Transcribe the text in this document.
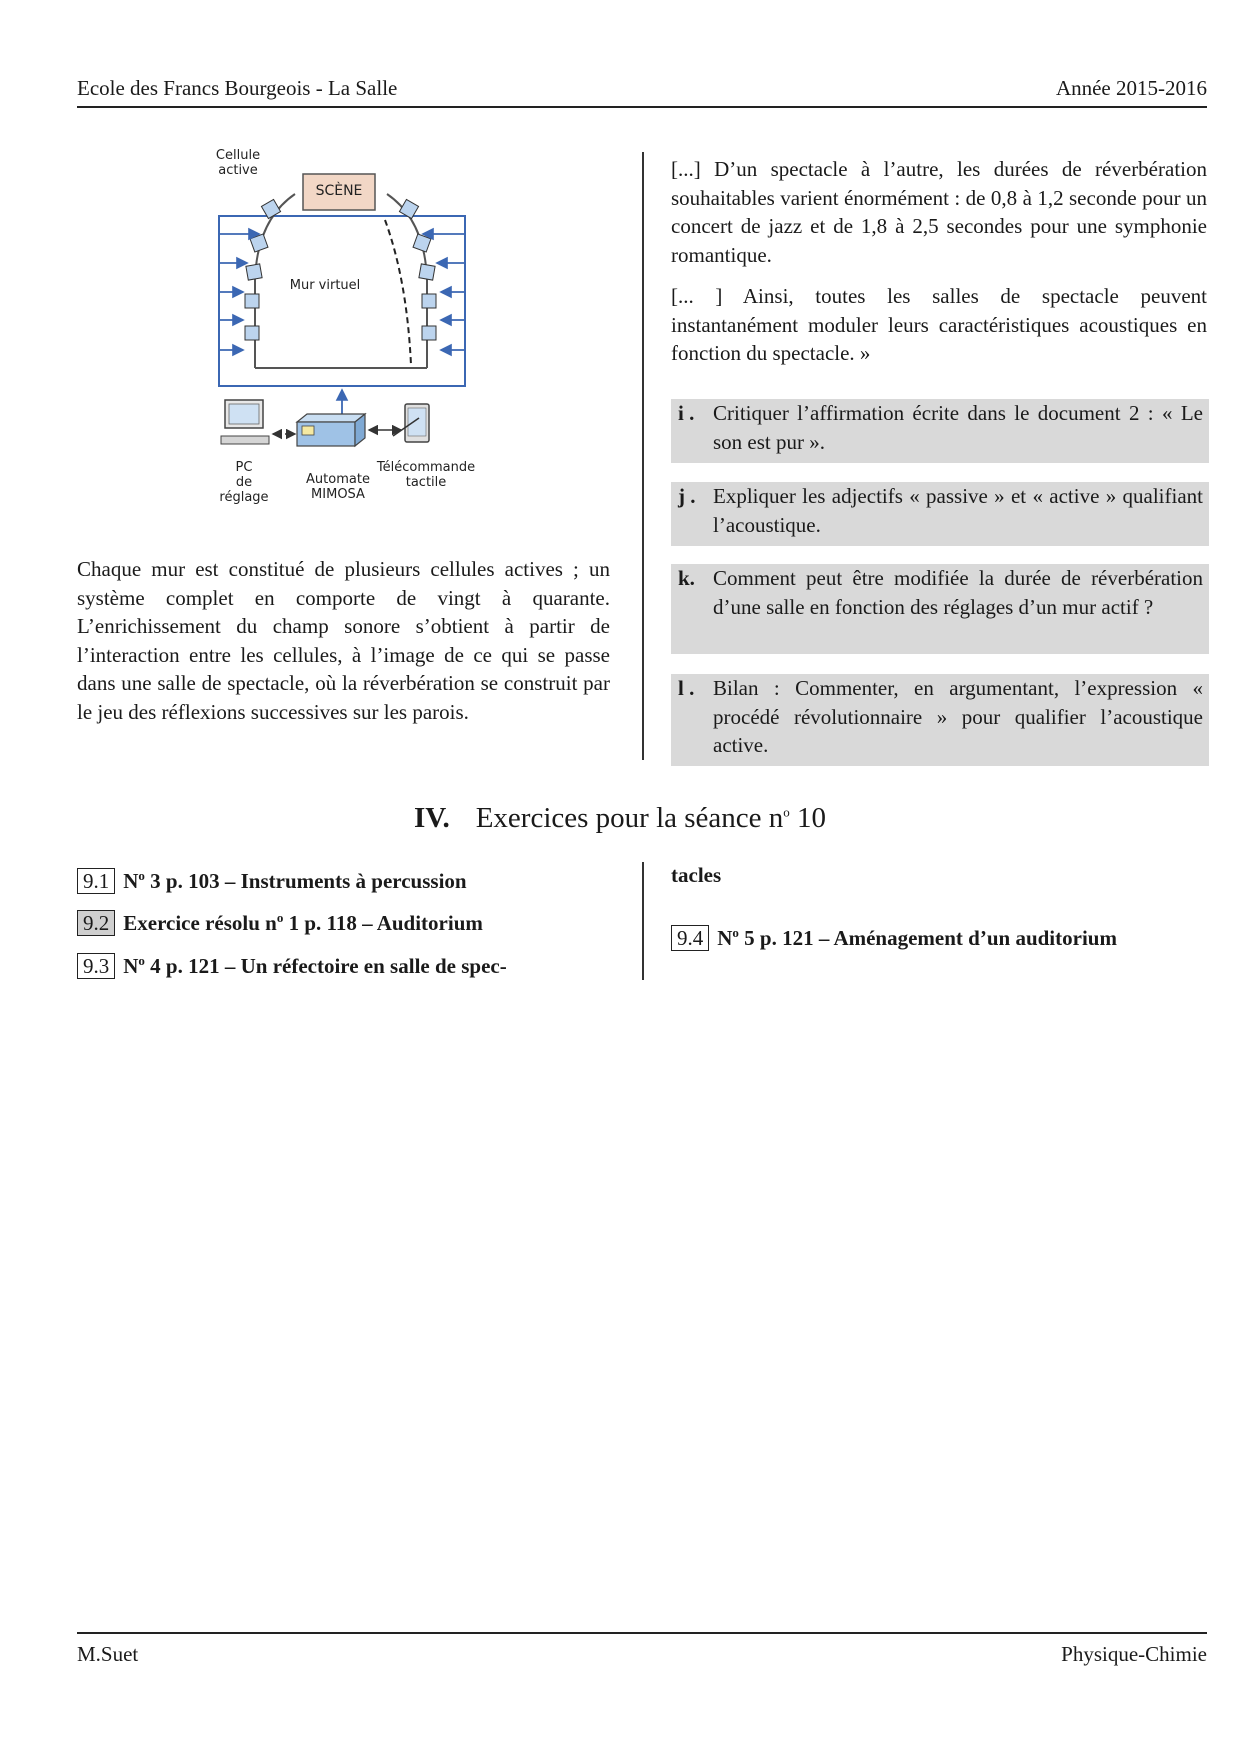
Ecole des Francs Bourgeois - La Salle	Année 2015-2016
Cellule
active
SCÈNE
Mur virtuel
PC
de réglage
Automate
MIMOSA
Télécommande
tactile

Chaque mur est constitué de plusieurs cellules actives ; un système complet en comporte de vingt à quarante. L’enrichissement du champ sonore s’obtient à partir de l’interaction entre les cellules, à l’image de ce qui se passe dans une salle de spectacle, où la réverbération se construit par le jeu des réflexions successives sur les parois.

[...] D’un spectacle à l’autre, les durées de réverbération souhaitables varient énormément : de 0,8 à 1,2 seconde pour un concert de jazz et de 1,8 à 2,5 secondes pour une symphonie romantique.

[... ] Ainsi, toutes les salles de spectacle peuvent instantanément moduler leurs caractéristiques acoustiques en fonction du spectacle. »

i . Critiquer l’affirmation écrite dans le document 2 : « Le son est pur ».
j . Expliquer les adjectifs « passive » et « active » qualifiant l’acoustique.
k. Comment peut être modifiée la durée de réverbération d’une salle en fonction des réglages d’un mur actif ?
l . Bilan : Commenter, en argumentant, l’expression « procédé révolutionnaire » pour qualifier l’acoustique active.
IV. Exercices pour la séance $n^o$ 10
9.1 $N^o$ 3 p. 103 – Instruments à percussion
9.2 Exercice résolu $n^o$ 1 p. 118 – Auditorium
9.3 $N^o$ 4 p. 121 – Un réfectoire en salle de spec-
tacles
9.4 $N^o$ 5 p. 121 – Aménagement d’un auditorium
M.Suet	Physique-Chimie
